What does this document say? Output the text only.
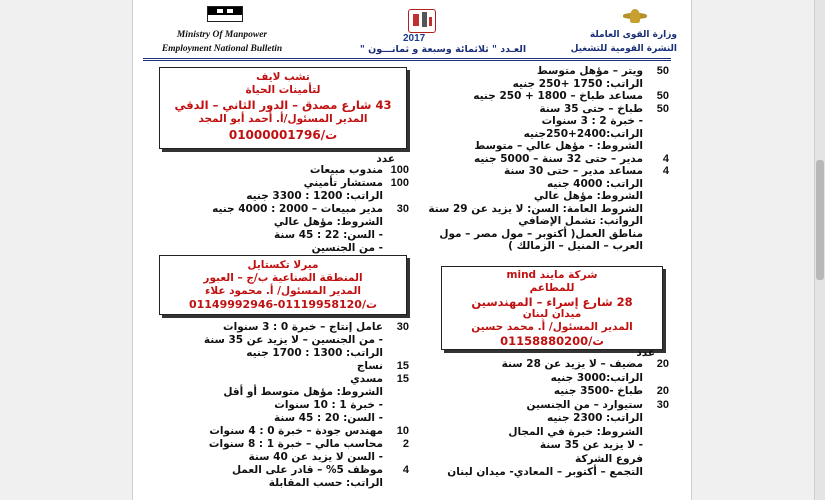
Ministry Of Manpower
Employment National Bulletin
2017
العـدد " ثلاثمائة وسبعة و ثمانـــون "
وزارة القوى العاملة
النشرة القومية للتشغيل
50ويتر – مؤهل متوسط
الراتب: 1750 +250 جنيه
50مساعد طباخ – 1800 + 250 جنيه
50طباخ – حتى 35 سنة
- خبرة 2 : 3 سنوات
الراتب:2400+250جنيه
الشروط: - مؤهل عالي – متوسط
4مدير – حتى 32 سنة – 5000 جنيه
4مساعد مدير – حتى 30 سنة
الراتب: 4000 جنيه
الشروط: مؤهل عالي
الشروط العامة: السن: لا يزيد عن 29 سنة
الرواتب: تشمل الإضافي
مناطق العمل( أكتوبر – مول مصر – مول
العرب – المنيل – الزمالك )
تشب لايف
لتأمينات الحياة
43 شارع مصدق – الدور الثاني – الدقي
المدير المسئول/أ. أحمد أبو المجد
ت/01000001796
عدد
100مندوب مبيعات
100مستشار تأميني
الراتب: 1200 : 3300 جنيه
30مدير مبيعات – 2000 : 4000 جنيه
الشروط: مؤهل عالي
- السن: 22 : 45 سنة
- من الجنسين
ميرلا تكستايل
المنطقة الصناعية ب/ج – العبور
المدير المسئول/ أ. محمود علاء
ت/01119958120-01149992946
شركة مايند mind
للمطاعم
28 شارع إسراء – المهندسين
ميدان لبنان
المدير المسئول/ أ. محمد حسين
ت/01158880200
30عامل إنتاج – خبرة 0 : 3 سنوات
- من الجنسين – لا يزيد عن 35 سنة
الراتب: 1300 : 1700 جنيه
15نساج
15مسدي
الشروط: مؤهل متوسط أو أقل
- خبرة 1 : 10 سنوات
- السن: 20 : 45 سنة
10مهندس جودة – خبرة 0 : 4 سنوات
2محاسب مالي – خبرة 1 : 8 سنوات
- السن لا يزيد عن 40 سنة
4موظف 5% – قادر على العمل
الراتب: حسب المقابلة
عدد
20مضيف – لا يزيد عن 28 سنة
الراتب:3000 جنيه
20طباخ -3500 جنيه
30ستيوارد – من الجنسين
الراتب: 2300 جنيه
الشروط: خبرة في المجال
- لا يزيد عن 35 سنة
فروع الشركة
التجمع – أكتوبر – المعادي- ميدان لبنان
